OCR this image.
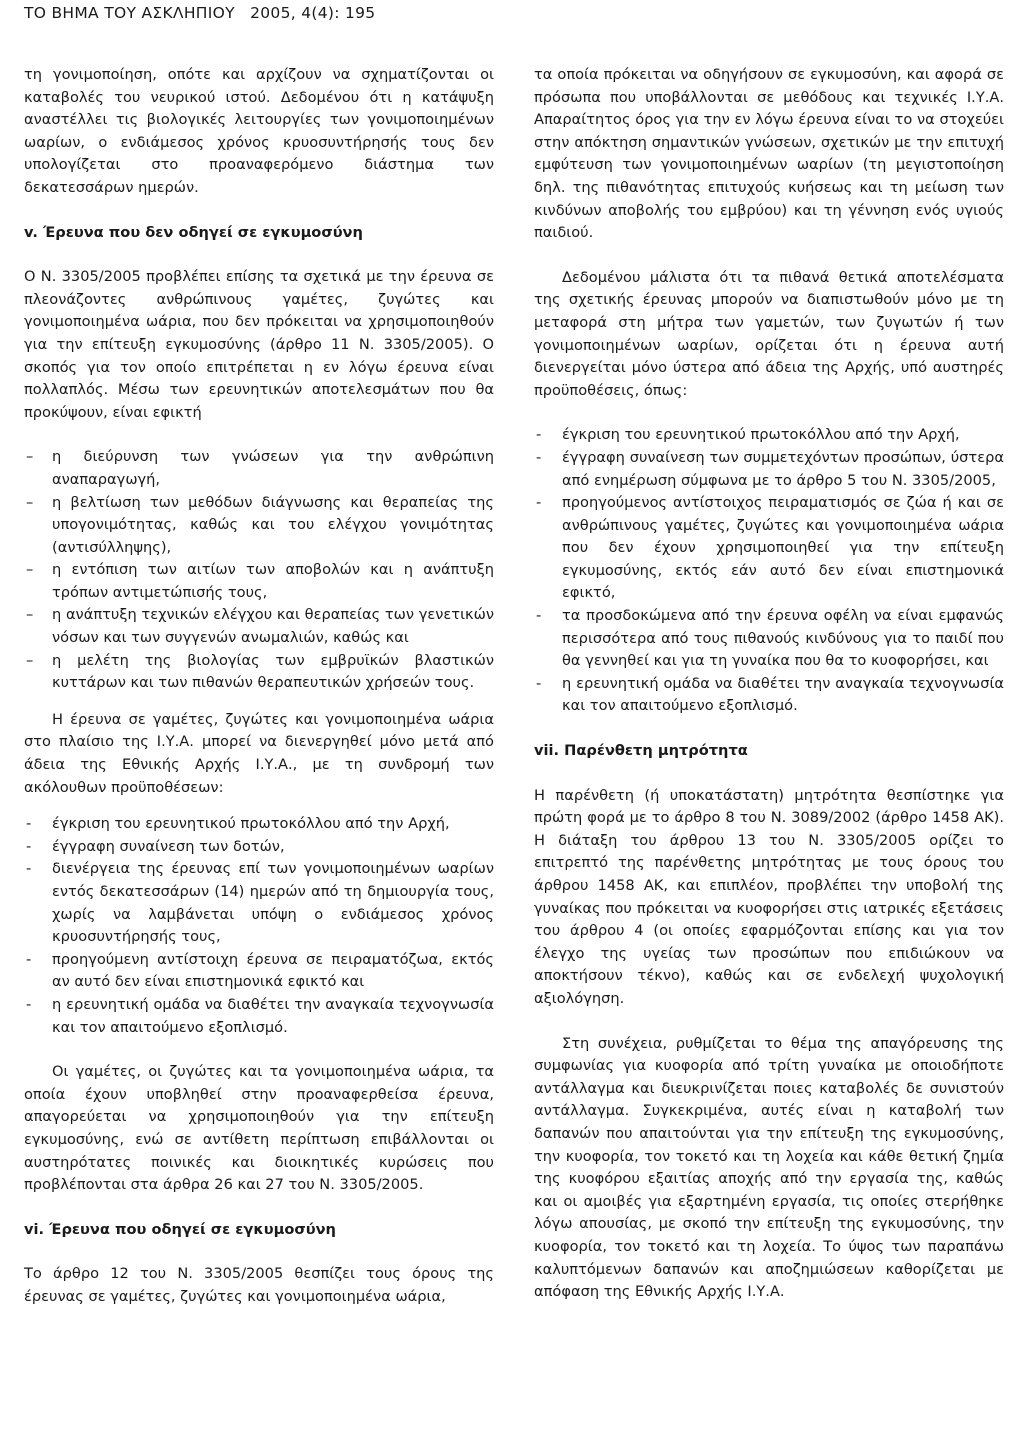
ΤΟ ΒΗΜΑ ΤΟΥ ΑΣΚΛΗΠΙΟΥ 2005, 4(4): 195

τη γονιμοποίηση, οπότε και αρχίζουν να σχηματίζονται οι καταβολές του νευρικού ιστού. Δεδομένου ότι η κατάψυξη αναστέλλει τις βιολογικές λειτουργίες των γονιμοποιημένων ωαρίων, ο ενδιάμεσος χρόνος κρυοσυντήρησής τους δεν υπολογίζεται στο προαναφερόμενο διάστημα των δεκατεσσάρων ημερών.

v. Έρευνα που δεν οδηγεί σε εγκυμοσύνη

Ο Ν. 3305/2005 προβλέπει επίσης τα σχετικά με την έρευνα σε πλεονάζοντες ανθρώπινους γαμέτες, ζυγώτες και γονιμοποιημένα ωάρια, που δεν πρόκειται να χρησιμοποιηθούν για την επίτευξη εγκυμοσύνης (άρθρο 11 Ν. 3305/2005). Ο σκοπός για τον οποίο επιτρέπεται η εν λόγω έρευνα είναι πολλαπλός. Μέσω των ερευνητικών αποτελεσμάτων που θα προκύψουν, είναι εφικτή

– η διεύρυνση των γνώσεων για την ανθρώπινη αναπαραγωγή,
– η βελτίωση των μεθόδων διάγνωσης και θεραπείας της υπογονιμότητας, καθώς και του ελέγχου γονιμότητας (αντισύλληψης),
– η εντόπιση των αιτίων των αποβολών και η ανάπτυξη τρόπων αντιμετώπισής τους,
– η ανάπτυξη τεχνικών ελέγχου και θεραπείας των γενετικών νόσων και των συγγενών ανωμαλιών, καθώς και
– η μελέτη της βιολογίας των εμβρυϊκών βλαστικών κυττάρων και των πιθανών θεραπευτικών χρήσεών τους.

Η έρευνα σε γαμέτες, ζυγώτες και γονιμοποιημένα ωάρια στο πλαίσιο της Ι.Υ.Α. μπορεί να διενεργηθεί μόνο μετά από άδεια της Εθνικής Αρχής Ι.Υ.Α., με τη συνδρομή των ακόλουθων προϋποθέσεων:

- έγκριση του ερευνητικού πρωτοκόλλου από την Αρχή,
- έγγραφη συναίνεση των δοτών,
- διενέργεια της έρευνας επί των γονιμοποιημένων ωαρίων εντός δεκατεσσάρων (14) ημερών από τη δημιουργία τους, χωρίς να λαμβάνεται υπόψη ο ενδιάμεσος χρόνος κρυοσυντήρησής τους,
- προηγούμενη αντίστοιχη έρευνα σε πειραματόζωα, εκτός αν αυτό δεν είναι επιστημονικά εφικτό και
- η ερευνητική ομάδα να διαθέτει την αναγκαία τεχνογνωσία και τον απαιτούμενο εξοπλισμό.

Οι γαμέτες, οι ζυγώτες και τα γονιμοποιημένα ωάρια, τα οποία έχουν υποβληθεί στην προαναφερθείσα έρευνα, απαγορεύεται να χρησιμοποιηθούν για την επίτευξη εγκυμοσύνης, ενώ σε αντίθετη περίπτωση επιβάλλονται οι αυστηρότατες ποινικές και διοικητικές κυρώσεις που προβλέπονται στα άρθρα 26 και 27 του Ν. 3305/2005.

vi. Έρευνα που οδηγεί σε εγκυμοσύνη

Το άρθρο 12 του Ν. 3305/2005 θεσπίζει τους όρους της έρευνας σε γαμέτες, ζυγώτες και γονιμοποιημένα ωάρια,

τα οποία πρόκειται να οδηγήσουν σε εγκυμοσύνη, και αφορά σε πρόσωπα που υποβάλλονται σε μεθόδους και τεχνικές Ι.Υ.Α. Απαραίτητος όρος για την εν λόγω έρευνα είναι το να στοχεύει στην απόκτηση σημαντικών γνώσεων, σχετικών με την επιτυχή εμφύτευση των γονιμοποιημένων ωαρίων (τη μεγιστοποίηση δηλ. της πιθανότητας επιτυχούς κυήσεως και τη μείωση των κινδύνων αποβολής του εμβρύου) και τη γέννηση ενός υγιούς παιδιού.

Δεδομένου μάλιστα ότι τα πιθανά θετικά αποτελέσματα της σχετικής έρευνας μπορούν να διαπιστωθούν μόνο με τη μεταφορά στη μήτρα των γαμετών, των ζυγωτών ή των γονιμοποιημένων ωαρίων, ορίζεται ότι η έρευνα αυτή διενεργείται μόνο ύστερα από άδεια της Αρχής, υπό αυστηρές προϋποθέσεις, όπως:

- έγκριση του ερευνητικού πρωτοκόλλου από την Αρχή,
- έγγραφη συναίνεση των συμμετεχόντων προσώπων, ύστερα από ενημέρωση σύμφωνα με το άρθρο 5 του Ν. 3305/2005,
- προηγούμενος αντίστοιχος πειραματισμός σε ζώα ή και σε ανθρώπινους γαμέτες, ζυγώτες και γονιμοποιημένα ωάρια που δεν έχουν χρησιμοποιηθεί για την επίτευξη εγκυμοσύνης, εκτός εάν αυτό δεν είναι επιστημονικά εφικτό,
- τα προσδοκώμενα από την έρευνα οφέλη να είναι εμφανώς περισσότερα από τους πιθανούς κινδύνους για το παιδί που θα γεννηθεί και για τη γυναίκα που θα το κυοφορήσει, και
- η ερευνητική ομάδα να διαθέτει την αναγκαία τεχνογνωσία και τον απαιτούμενο εξοπλισμό.
vii. Παρένθετη μητρότητα

Η παρένθετη (ή υποκατάστατη) μητρότητα θεσπίστηκε για πρώτη φορά με το άρθρο 8 του Ν. 3089/2002 (άρθρο 1458 ΑΚ). Η διάταξη του άρθρου 13 του Ν. 3305/2005 ορίζει το επιτρεπτό της παρένθετης μητρότητας με τους όρους του άρθρου 1458 ΑΚ, και επιπλέον, προβλέπει την υποβολή της γυναίκας που πρόκειται να κυοφορήσει στις ιατρικές εξετάσεις του άρθρου 4 (οι οποίες εφαρμόζονται επίσης και για τον έλεγχο της υγείας των προσώπων που επιδιώκουν να αποκτήσουν τέκνο), καθώς και σε ενδελεχή ψυχολογική αξιολόγηση.

Στη συνέχεια, ρυθμίζεται το θέμα της απαγόρευσης της συμφωνίας για κυοφορία από τρίτη γυναίκα με οποιοδήποτε αντάλλαγμα και διευκρινίζεται ποιες καταβολές δε συνιστούν αντάλλαγμα. Συγκεκριμένα, αυτές είναι η καταβολή των δαπανών που απαιτούνται για την επίτευξη της εγκυμοσύνης, την κυοφορία, τον τοκετό και τη λοχεία και κάθε θετική ζημία της κυοφόρου εξαιτίας αποχής από την εργασία της, καθώς και οι αμοιβές για εξαρτημένη εργασία, τις οποίες στερήθηκε λόγω απουσίας, με σκοπό την επίτευξη της εγκυμοσύνης, την κυοφορία, τον τοκετό και τη λοχεία. Το ύψος των παραπάνω καλυπτόμενων δαπανών και αποζημιώσεων καθορίζεται με απόφαση της Εθνικής Αρχής Ι.Υ.Α.
